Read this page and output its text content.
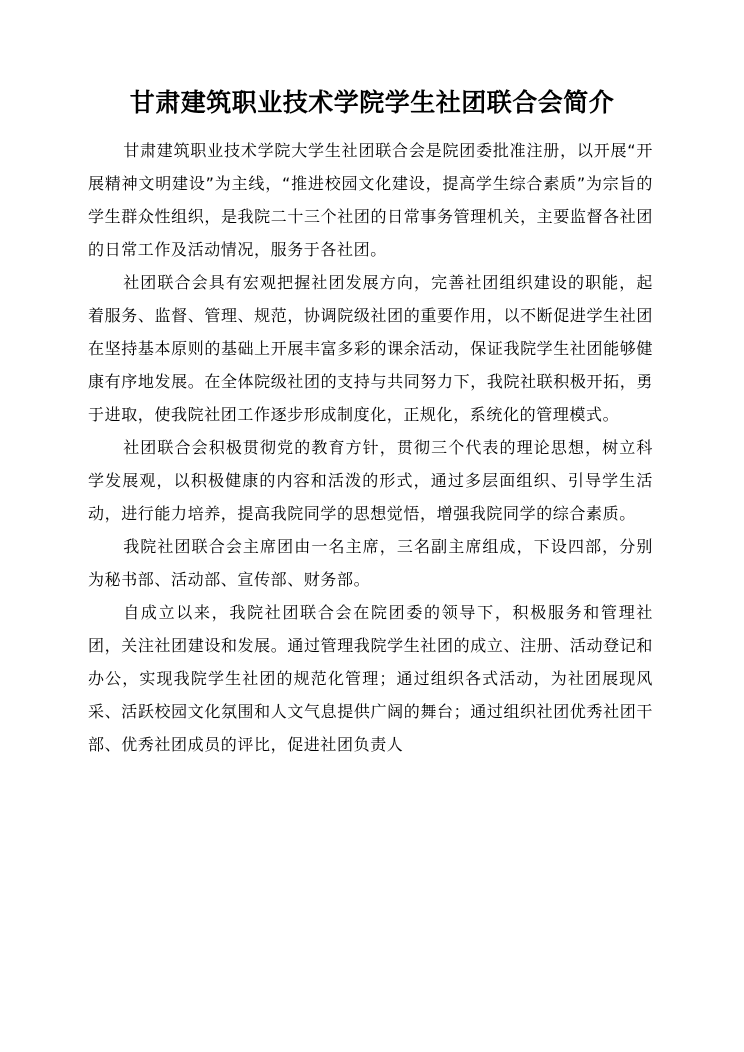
甘肃建筑职业技术学院学生社团联合会简介

甘肃建筑职业技术学院大学生社团联合会是院团委批准注册，以开展“开展精神文明建设”为主线，“推进校园文化建设，提高学生综合素质”为宗旨的学生群众性组织，是我院二十三个社团的日常事务管理机关，主要监督各社团的日常工作及活动情况，服务于各社团。

社团联合会具有宏观把握社团发展方向，完善社团组织建设的职能，起着服务、监督、管理、规范，协调院级社团的重要作用，以不断促进学生社团在坚持基本原则的基础上开展丰富多彩的课余活动，保证我院学生社团能够健康有序地发展。在全体院级社团的支持与共同努力下，我院社联积极开拓，勇于进取，使我院社团工作逐步形成制度化，正规化，系统化的管理模式。

社团联合会积极贯彻党的教育方针，贯彻三个代表的理论思想，树立科学发展观，以积极健康的内容和活泼的形式，通过多层面组织、引导学生活动，进行能力培养，提高我院同学的思想觉悟，增强我院同学的综合素质。

我院社团联合会主席团由一名主席，三名副主席组成，下设四部，分别为秘书部、活动部、宣传部、财务部。

自成立以来，我院社团联合会在院团委的领导下，积极服务和管理社团，关注社团建设和发展。通过管理我院学生社团的成立、注册、活动登记和办公，实现我院学生社团的规范化管理；通过组织各式活动，为社团展现风采、活跃校园文化氛围和人文气息提供广阔的舞台；通过组织社团优秀社团干部、优秀社团成员的评比，促进社团负责人
